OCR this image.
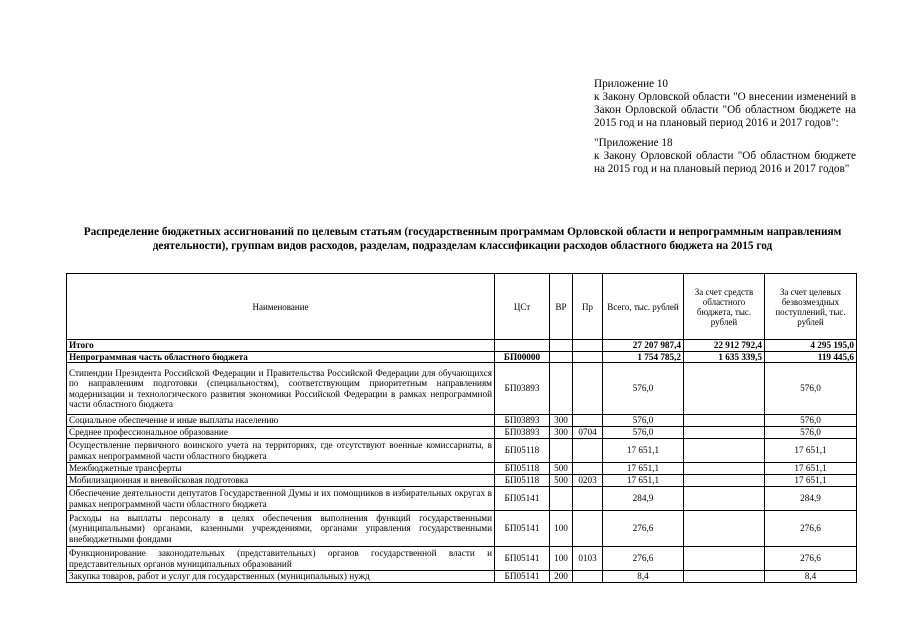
Приложение 10

к Закону Орловской области "О внесении изменений в Закон Орловской области "Об областном бюджете на 2015 год и на плановый период 2016 и 2017 годов":

"Приложение 18

к Закону Орловской области "Об областном бюджете на 2015 год и на плановый период 2016 и 2017 годов"

Распределение бюджетных ассигнований по целевым статьям (государственным программам Орловской области и непрограммным направлениям деятельности), группам видов расходов, разделам, подразделам классификации расходов областного бюджета на 2015 год
Наименование	ЦСт	ВР	Пр	Всего, тыс. рублей	За счет средств областного бюджета, тыс. рублей	За счет целевых безвозмездных поступлений, тыс. рублей
Итого				27 207 987,4	22 912 792,4	4 295 195,0
Непрограммная часть областного бюджета	БП00000			1 754 785,2	1 635 339,5	119 445,6
Стипендии Президента Российской Федерации и Правительства Российской Федерации для обучающихся по направлениям подготовки (специальностям), соответствующим приоритетным направлениям модернизации и технологического развития экономики Российской Федерации в рамках непрограммной части областного бюджета	БП03893			576,0		576,0
Социальное обеспечение и иные выплаты населению	БП03893	300		576,0		576,0
Среднее профессиональное образование	БП03893	300	0704	576,0		576,0
Осуществление первичного воинского учета на территориях, где отсутствуют военные комиссариаты, в рамках непрограммной части областного бюджета	БП05118			17 651,1		17 651,1
Межбюджетные трансферты	БП05118	500		17 651,1		17 651,1
Мобилизационная и вневойсковая подготовка	БП05118	500	0203	17 651,1		17 651,1
Обеспечение деятельности депутатов Государственной Думы и их помощников в избирательных округах в рамках непрограммной части областного бюджета	БП05141			284,9		284,9
Расходы на выплаты персоналу в целях обеспечения выполнения функций государственными (муниципальными) органами, казенными учреждениями, органами управления государственными внебюджетными фондами	БП05141	100		276,6		276,6
Функционирование законодательных (представительных) органов государственной власти и представительных органов муниципальных образований	БП05141	100	0103	276,6		276,6
Закупка товаров, работ и услуг для государственных (муниципальных) нужд	БП05141	200		8,4		8,4
